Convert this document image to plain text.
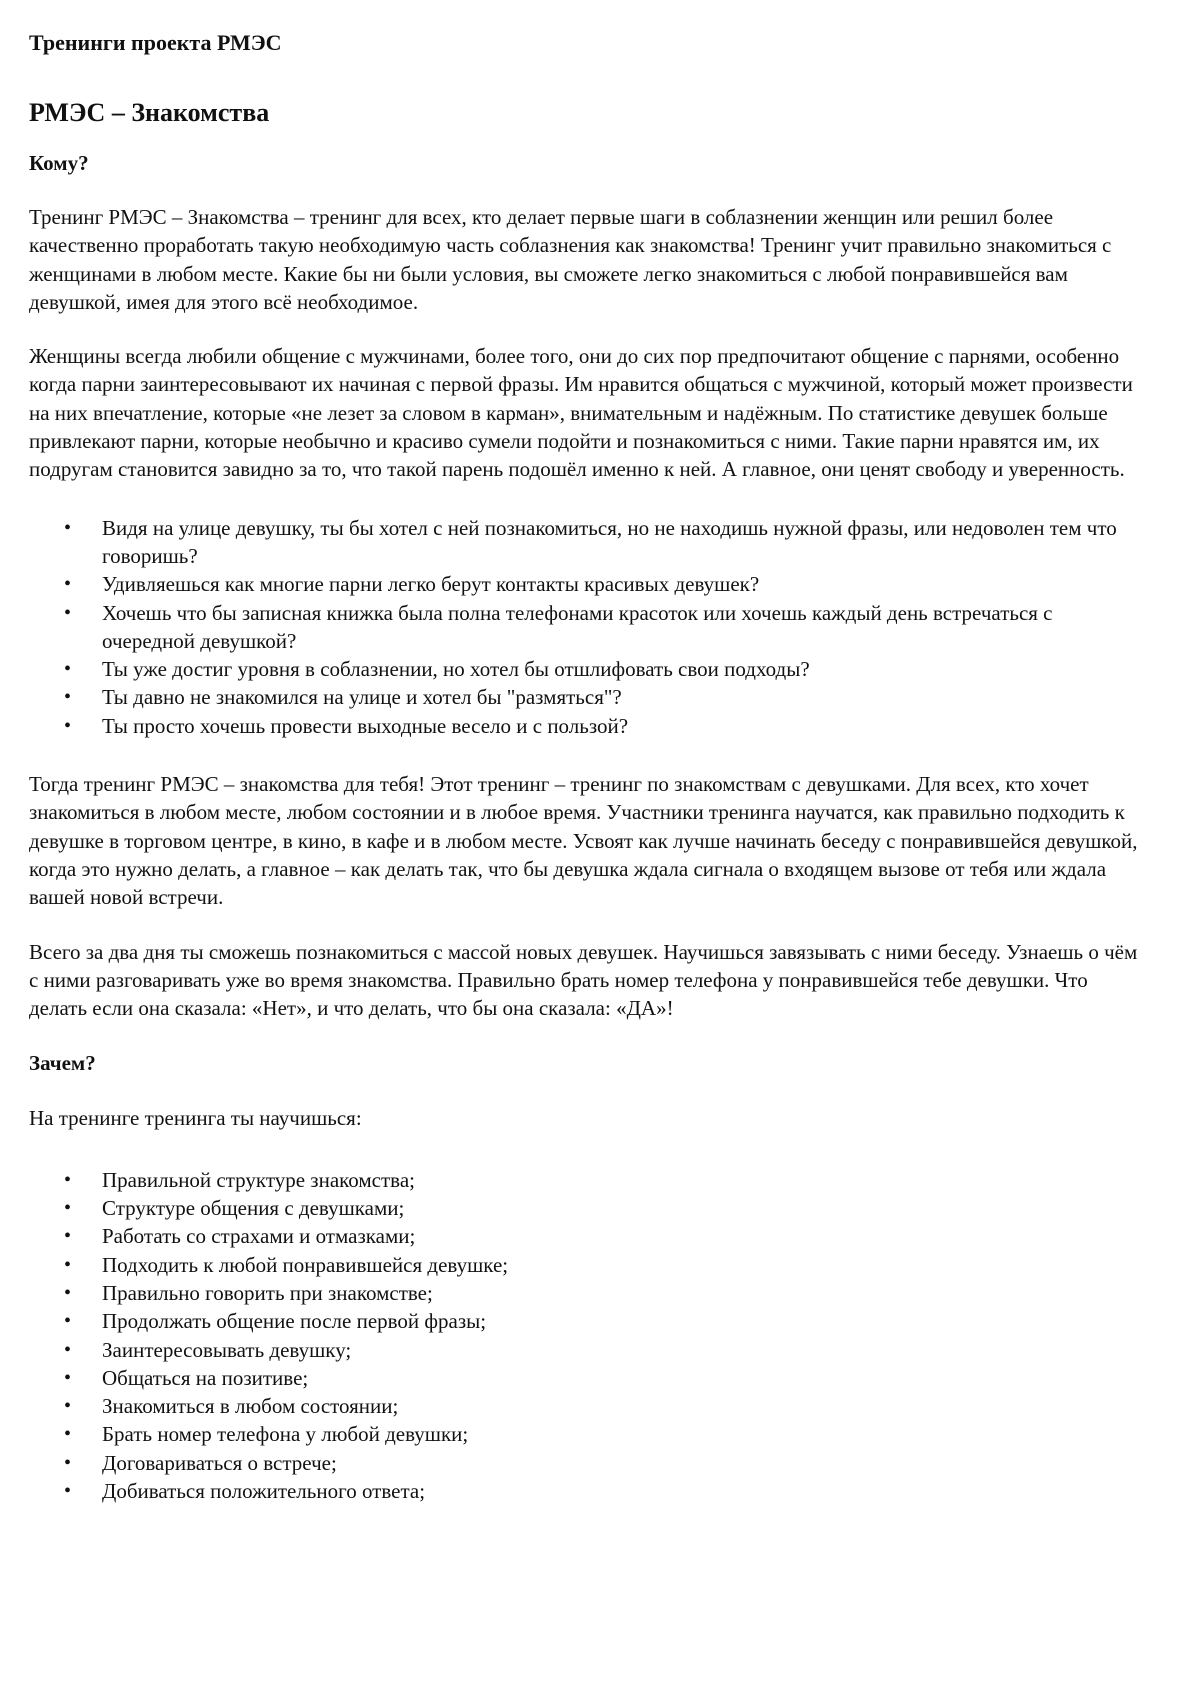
Тренинги проекта РМЭС

РМЭС – Знакомства

Кому?

Тренинг РМЭС – Знакомства – тренинг для всех, кто делает первые шаги в соблазнении женщин или решил более качественно проработать такую необходимую часть соблазнения как знакомства! Тренинг учит правильно знакомиться с женщинами в любом месте. Какие бы ни были условия, вы сможете легко знакомиться с любой понравившейся вам девушкой, имея для этого всё необходимое.

Женщины всегда любили общение с мужчинами, более того, они до сих пор предпочитают общение с парнями, особенно когда парни заинтересовывают их начиная с первой фразы. Им нравится общаться с мужчиной, который может произвести на них впечатление, которые «не лезет за словом в карман», внимательным и надёжным. По статистике девушек больше привлекают парни, которые необычно и красиво сумели подойти и познакомиться с ними. Такие парни нравятся им, их подругам становится завидно за то, что такой парень подошёл именно к ней. А главное, они ценят свободу и уверенность.

• Видя на улице девушку, ты бы хотел с ней познакомиться, но не находишь нужной фразы, или недоволен тем что говоришь?
• Удивляешься как многие парни легко берут контакты красивых девушек?
• Хочешь что бы записная книжка была полна телефонами красоток или хочешь каждый день встречаться с очередной девушкой?
• Ты уже достиг уровня в соблазнении, но хотел бы отшлифовать свои подходы?
• Ты давно не знакомился на улице и хотел бы "размяться"?
• Ты просто хочешь провести выходные весело и с пользой?

Тогда тренинг РМЭС – знакомства для тебя! Этот тренинг – тренинг по знакомствам с девушками. Для всех, кто хочет знакомиться в любом месте, любом состоянии и в любое время. Участники тренинга научатся, как правильно подходить к девушке в торговом центре, в кино, в кафе и в любом месте. Усвоят как лучше начинать беседу с понравившейся девушкой, когда это нужно делать, а главное – как делать так, что бы девушка ждала сигнала о входящем вызове от тебя или ждала вашей новой встречи.

Всего за два дня ты сможешь познакомиться с массой новых девушек. Научишься завязывать с ними беседу. Узнаешь о чём с ними разговаривать уже во время знакомства. Правильно брать номер телефона у понравившейся тебе девушки. Что делать если она сказала: «Нет», и что делать, что бы она сказала: «ДА»!

Зачем?

На тренинге тренинга ты научишься:

• Правильной структуре знакомства;
• Структуре общения с девушками;
• Работать со страхами и отмазками;
• Подходить к любой понравившейся девушке;
• Правильно говорить при знакомстве;
• Продолжать общение после первой фразы;
• Заинтересовывать девушку;
• Общаться на позитиве;
• Знакомиться в любом состоянии;
• Брать номер телефона у любой девушки;
• Договариваться о встрече;
• Добиваться положительного ответа;
